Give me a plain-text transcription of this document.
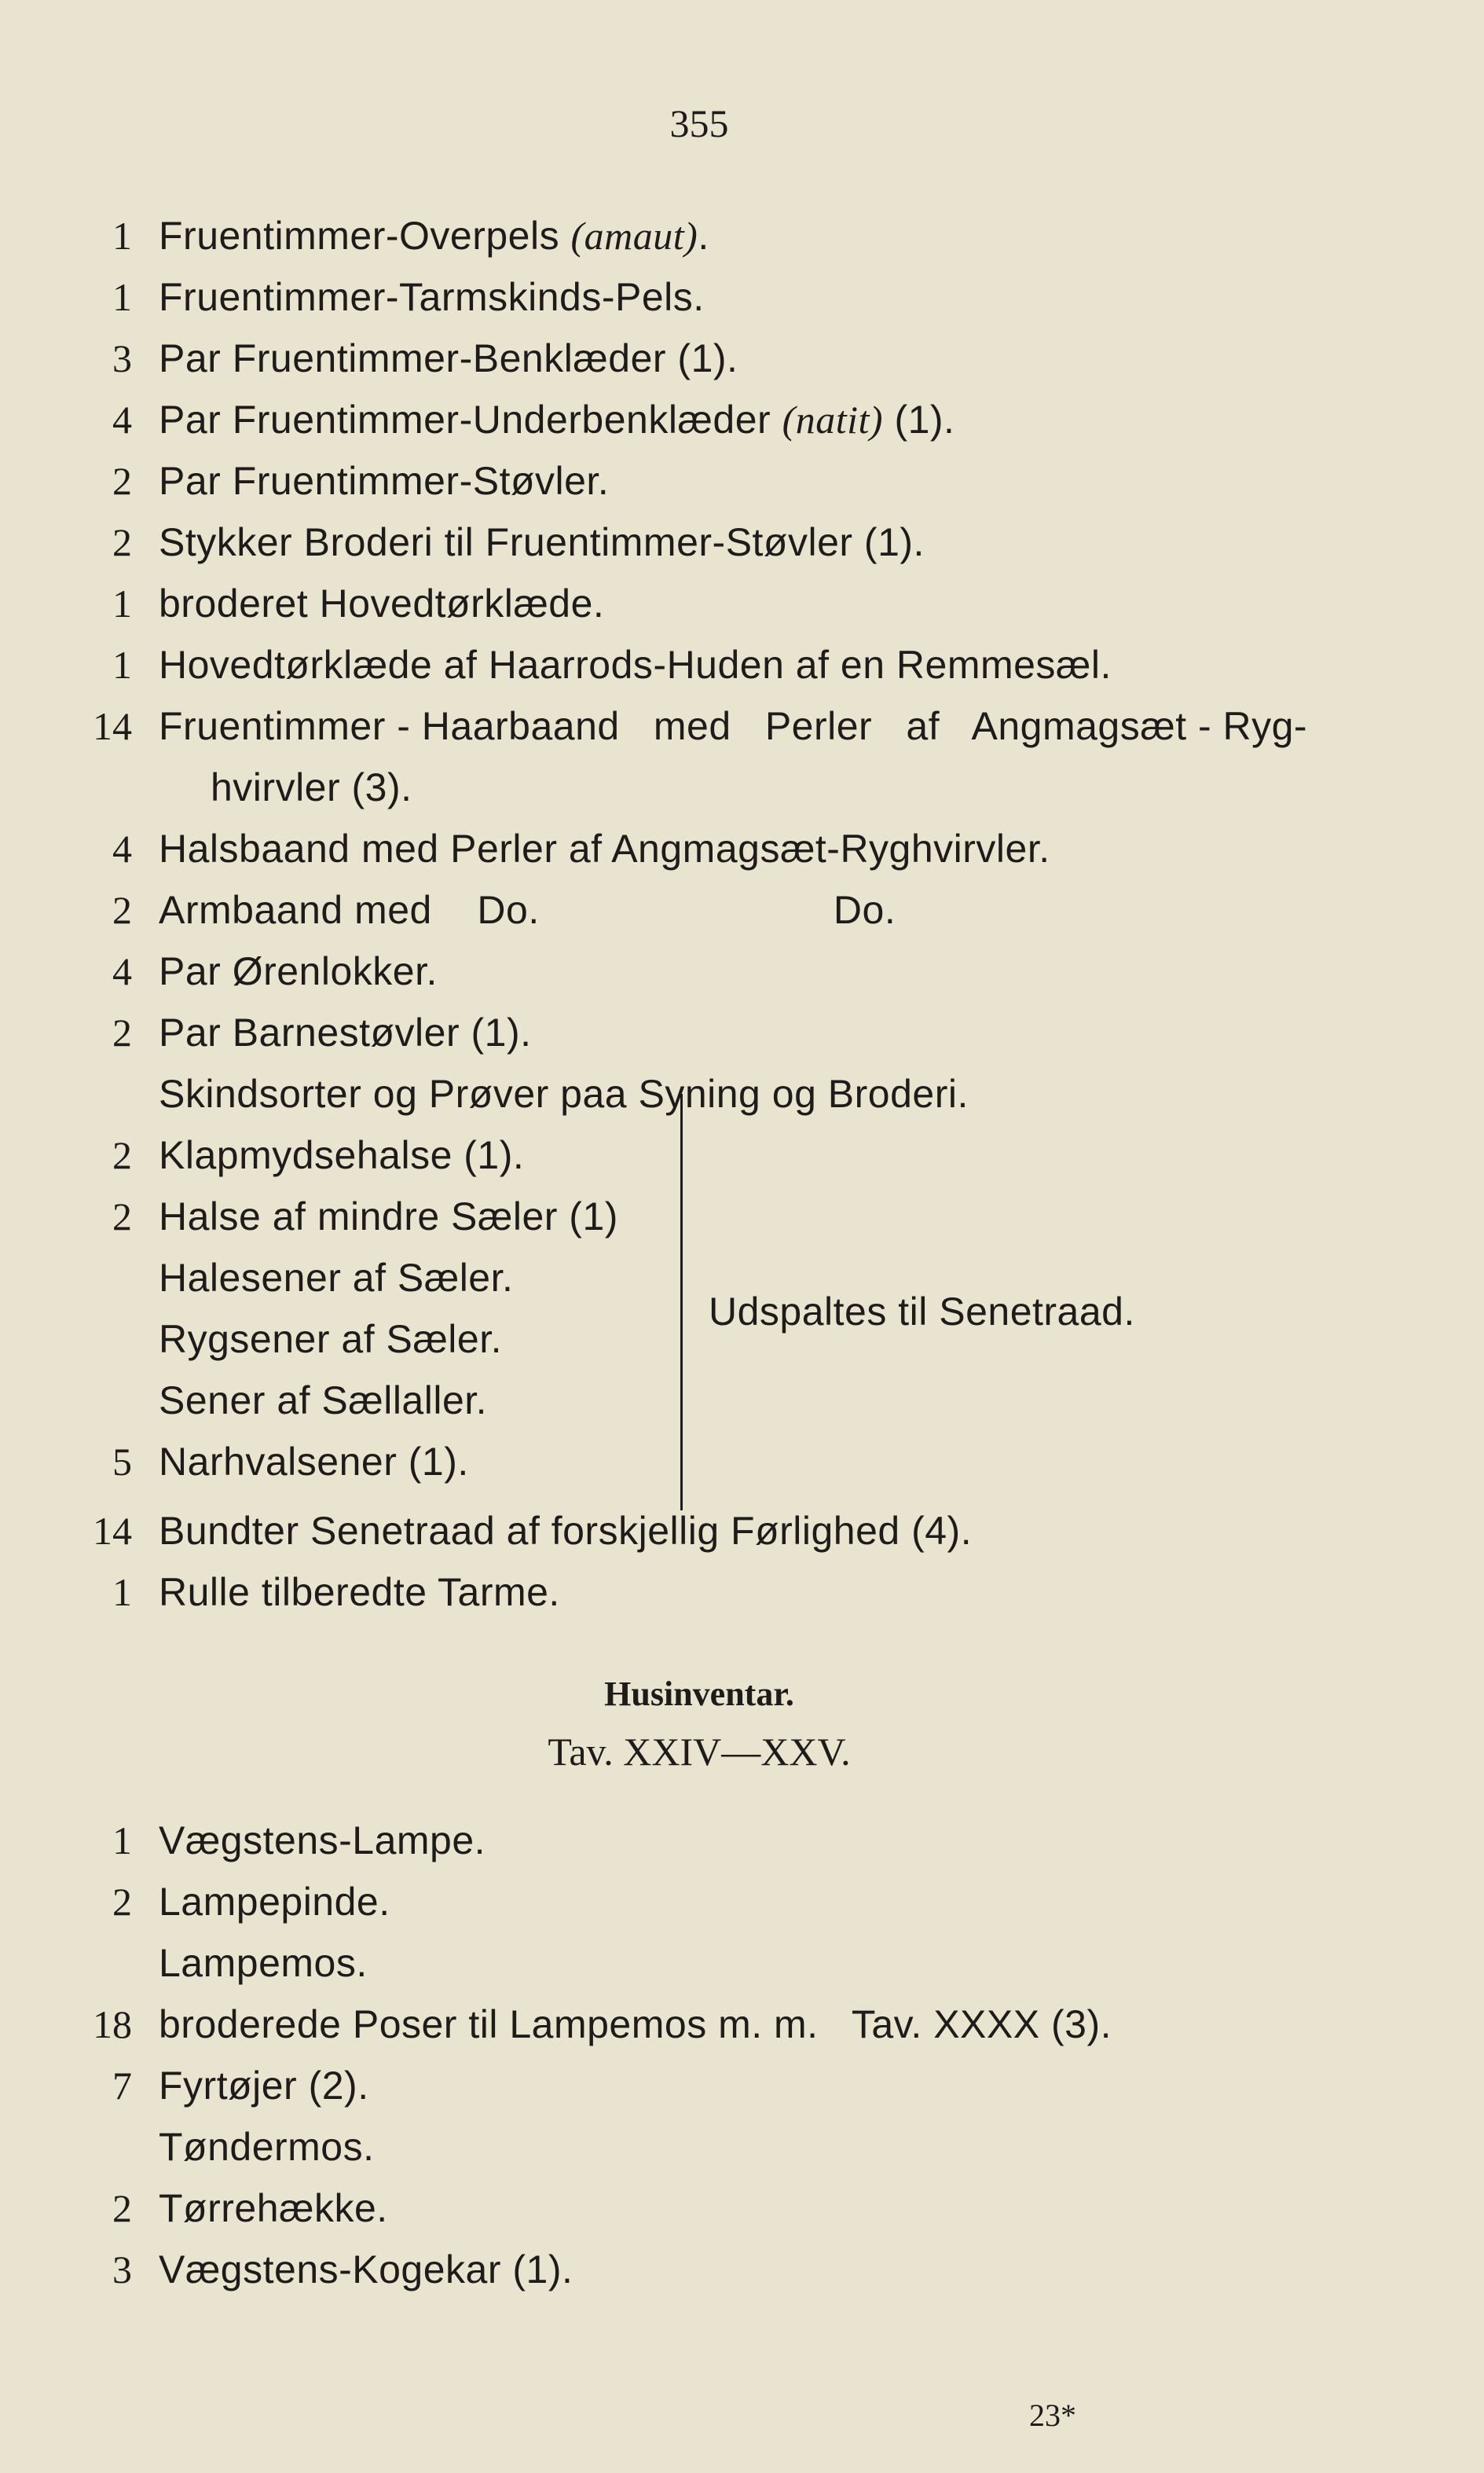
355
1 Fruentimmer-Overpels (amaut).
1 Fruentimmer-Tarmskinds-Pels.
3 Par Fruentimmer-Benklæder (1).
4 Par Fruentimmer-Underbenklæder (natit) (1).
2 Par Fruentimmer-Støvler.
2 Stykker Broderi til Fruentimmer-Støvler (1).
1 broderet Hovedtørklæde.
1 Hovedtørklæde af Haarrods-Huden af en Remmesæl.
14 Fruentimmer - Haarbaand   med   Perler   af   Angmagsæt - Ryg-
hvirvler (3).
4 Halsbaand med Perler af Angmagsæt-Ryghvirvler.
2 Armbaand med    Do.                          Do.
4 Par Ørenlokker.
2 Par Barnestøvler (1).
Skindsorter og Prøver paa Syning og Broderi.
2 Klapmydsehalse (1).
2 Halse af mindre Sæler (1)
Halesener af Sæler.
Rygsener af Sæler.
Sener af Sællaller.
5 Narhvalsener (1).
Udspaltes til Senetraad.
14 Bundter Senetraad af forskjellig Førlighed (4).
1 Rulle tilberedte Tarme.
Husinventar.
Tav. XXIV—XXV.
1 Vægstens-Lampe.
2 Lampepinde.
Lampemos.
18 broderede Poser til Lampemos m. m.   Tav. XXXX (3).
7 Fyrtøjer (2).
Tøndermos.
2 Tørrehække.
3 Vægstens-Kogekar (1).
23*
